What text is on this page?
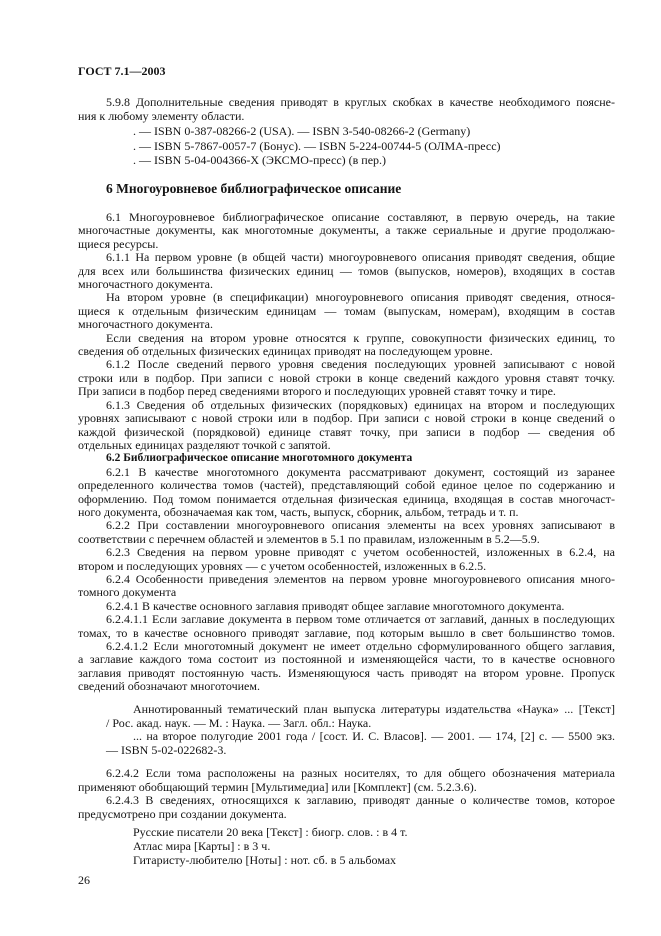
ГОСТ 7.1—2003
5.9.8 Дополнительные сведения приводят в круглых скобках в качестве необходимого поясне-
ния к любому элементу области.
. — ISBN 0-387-08266-2 (USA). — ISBN 3-540-08266-2 (Germany)
. — ISBN 5-7867-0057-7 (Бонус). — ISBN 5-224-00744-5 (ОЛМА-пресс)
. — ISBN 5-04-004366-Х (ЭКСМО-пресс) (в пер.)
6 Многоуровневое библиографическое описание
6.1 Многоуровневое библиографическое описание составляют, в первую очередь, на такие
многочастные документы, как многотомные документы, а также сериальные и другие продолжаю-
щиеся ресурсы.
6.1.1 На первом уровне (в общей части) многоуровневого описания приводят сведения, общие
для всех или большинства физических единиц — томов (выпусков, номеров), входящих в состав
многочастного документа.
На втором уровне (в спецификации) многоуровневого описания приводят сведения, относя-
щиеся к отдельным физическим единицам — томам (выпускам, номерам), входящим в состав
многочастного документа.
Если сведения на втором уровне относятся к группе, совокупности физических единиц, то
сведения об отдельных физических единицах приводят на последующем уровне.
6.1.2 После сведений первого уровня сведения последующих уровней записывают с новой
строки или в подбор. При записи с новой строки в конце сведений каждого уровня ставят точку.
При записи в подбор перед сведениями второго и последующих уровней ставят точку и тире.
6.1.3 Сведения об отдельных физических (порядковых) единицах на втором и последующих
уровнях записывают с новой строки или в подбор. При записи с новой строки в конце сведений о
каждой физической (порядковой) единице ставят точку, при записи в подбор — сведения об
отдельных единицах разделяют точкой с запятой.
6.2 Библиографическое описание многотомного документа
6.2.1 В качестве многотомного документа рассматривают документ, состоящий из заранее
определенного количества томов (частей), представляющий собой единое целое по содержанию и
оформлению. Под томом понимается отдельная физическая единица, входящая в состав многочаст-
ного документа, обозначаемая как том, часть, выпуск, сборник, альбом, тетрадь и т. п.
6.2.2 При составлении многоуровневого описания элементы на всех уровнях записывают в
соответствии с перечнем областей и элементов в 5.1 по правилам, изложенным в 5.2—5.9.
6.2.3 Сведения на первом уровне приводят с учетом особенностей, изложенных в 6.2.4, на
втором и последующих уровнях — с учетом особенностей, изложенных в 6.2.5.
6.2.4 Особенности приведения элементов на первом уровне многоуровневого описания много-
томного документа
6.2.4.1 В качестве основного заглавия приводят общее заглавие многотомного документа.
6.2.4.1.1 Если заглавие документа в первом томе отличается от заглавий, данных в последующих
томах, то в качестве основного приводят заглавие, под которым вышло в свет большинство томов.
6.2.4.1.2 Если многотомный документ не имеет отдельно сформулированного общего заглавия,
а заглавие каждого тома состоит из постоянной и изменяющейся части, то в качестве основного
заглавия приводят постоянную часть. Изменяющуюся часть приводят на втором уровне. Пропуск
сведений обозначают многоточием.
Аннотированный тематический план выпуска литературы издательства «Наука» ... [Текст]
/ Рос. акад. наук. — М. : Наука. — Загл. обл.: Наука.
... на второе полугодие 2001 года / [сост. И. С. Власов]. — 2001. — 174, [2] с. — 5500 экз.
— ISBN 5-02-022682-3.
6.2.4.2 Если тома расположены на разных носителях, то для общего обозначения материала
применяют обобщающий термин [Мультимедиа] или [Комплект] (см. 5.2.3.6).
6.2.4.3 В сведениях, относящихся к заглавию, приводят данные о количестве томов, которое
предусмотрено при создании документа.
Русские писатели 20 века [Текст] : биогр. слов. : в 4 т.
Атлас мира [Карты] : в 3 ч.
Гитаристу-любителю [Ноты] : нот. сб. в 5 альбомах
26
